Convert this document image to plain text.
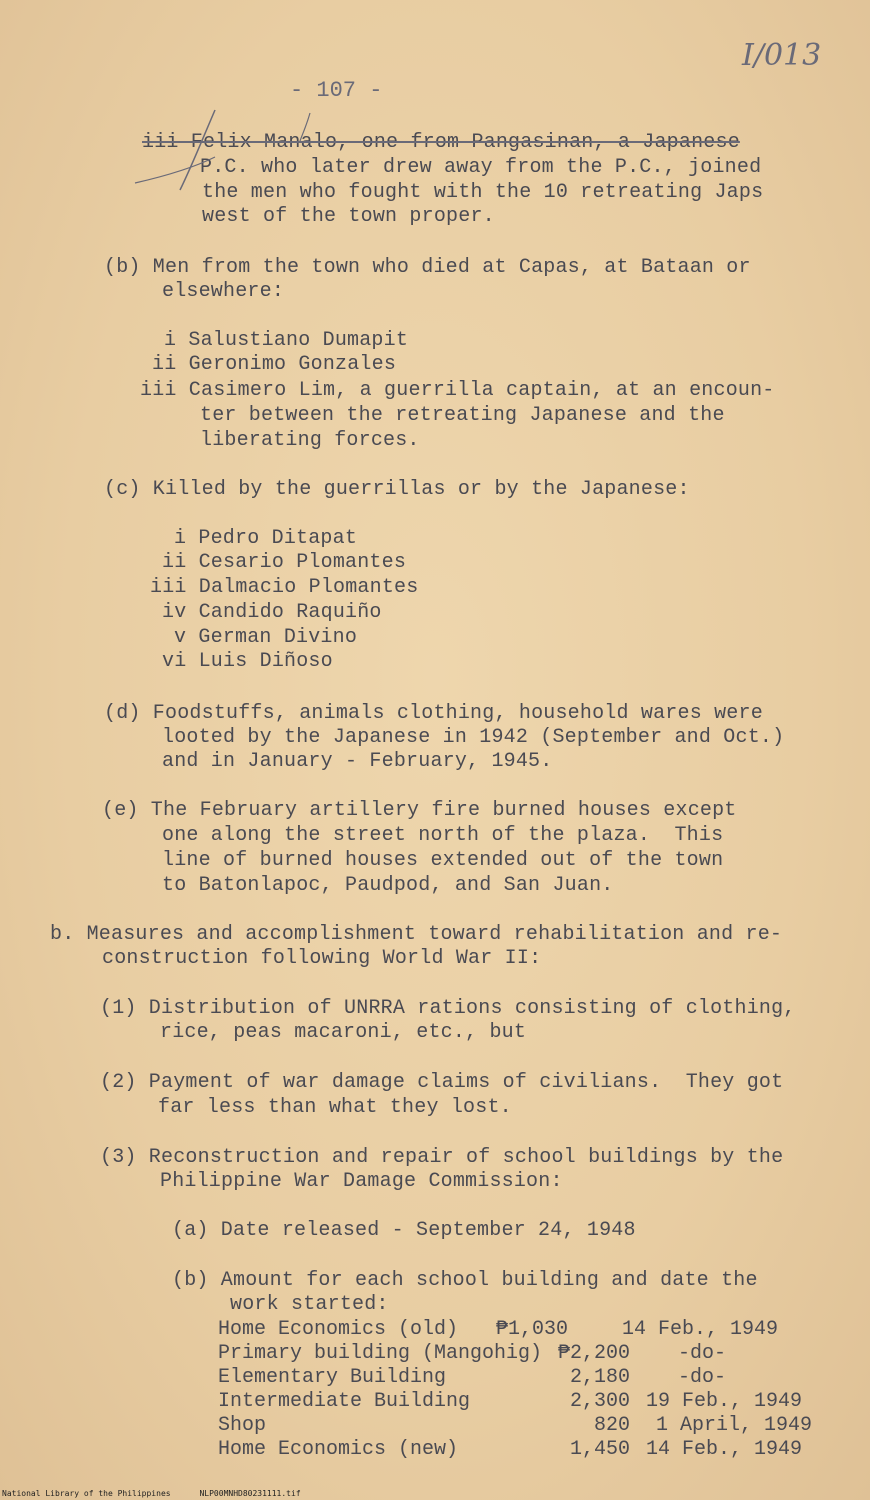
I/013
- 107 -
iii Felix Manalo, one from Pangasinan, a Japanese
P.C. who later drew away from the P.C., joined
the men who fought with the 10 retreating Japs
west of the town proper.
(b) Men from the town who died at Capas, at Bataan or
elsewhere:
i Salustiano Dumapit
ii Geronimo Gonzales
iii Casimero Lim, a guerrilla captain, at an encoun-
ter between the retreating Japanese and the
liberating forces.
(c) Killed by the guerrillas or by the Japanese:
i Pedro Ditapat
ii Cesario Plomantes
iii Dalmacio Plomantes
iv Candido Raquiño
v German Divino
vi Luis Diñoso
(d) Foodstuffs, animals clothing, household wares were
looted by the Japanese in 1942 (September and Oct.)
and in January - February, 1945.
(e) The February artillery fire burned houses except
one along the street north of the plaza.  This
line of burned houses extended out of the town
to Batonlapoc, Paudpod, and San Juan.
b. Measures and accomplishment toward rehabilitation and re-
construction following World War II:
(1) Distribution of UNRRA rations consisting of clothing,
rice, peas macaroni, etc., but
(2) Payment of war damage claims of civilians.  They got
far less than what they lost.
(3) Reconstruction and repair of school buildings by the
Philippine War Damage Commission:
(a) Date released - September 24, 1948
(b) Amount for each school building and date the
work started:
Home Economics (old) ₱1,030	14 Feb., 1949
Primary building (Mangohig) ₱2,200 -do-
Elementary Building	2,180 -do-
Intermediate Building	2,300 19 Feb., 1949
Shop	820 1 April, 1949
Home Economics (new)	1,450 14 Feb., 1949
National Library of the Philippines	NLP00MNHD80231111.tif
